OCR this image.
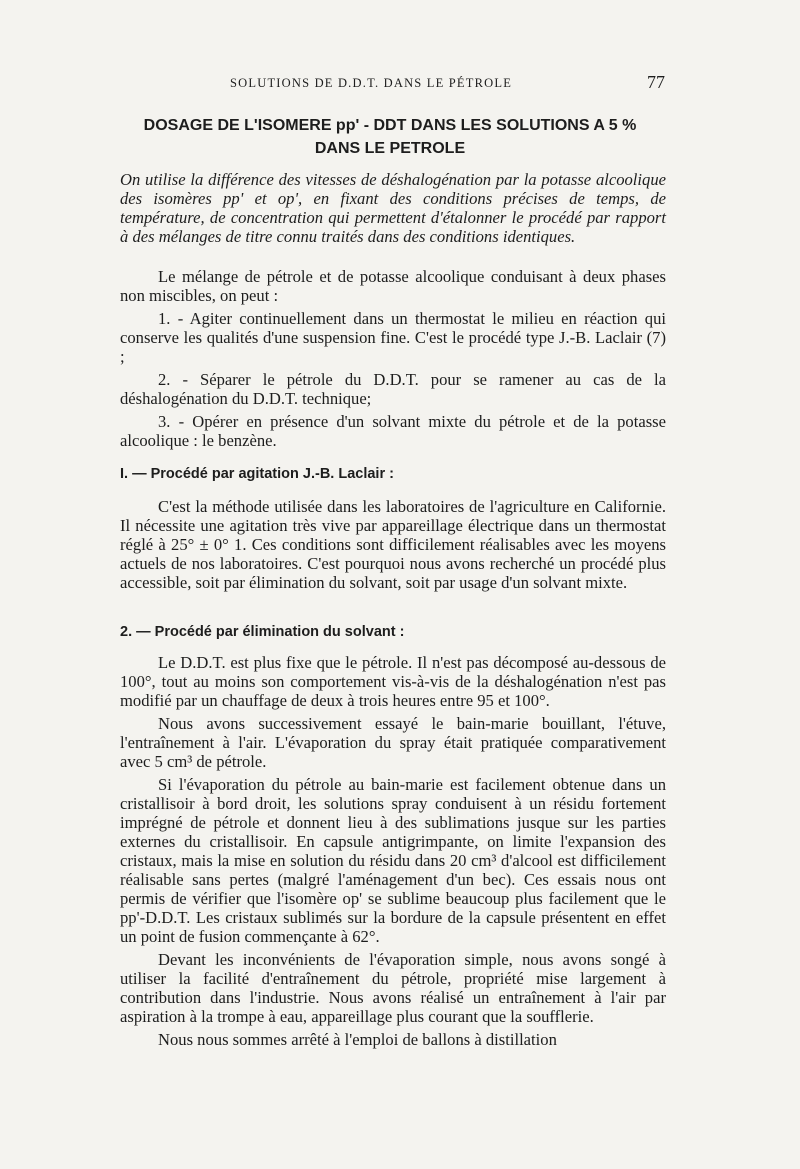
SOLUTIONS DE D.D.T. DANS LE PÉTROLE	77
DOSAGE DE L'ISOMERE pp' - DDT DANS LES SOLUTIONS A 5 %
DANS LE PETROLE
On utilise la différence des vitesses de déshalogénation par la potasse alcoolique des isomères pp' et op', en fixant des conditions précises de temps, de température, de concentration qui permettent d'étalonner le procédé par rapport à des mélanges de titre connu traités dans des conditions identiques.

Le mélange de pétrole et de potasse alcoolique conduisant à deux phases non miscibles, on peut :

1. - Agiter continuellement dans un thermostat le milieu en réaction qui conserve les qualités d'une suspension fine. C'est le procédé type J.-B. Laclair (7) ;

2. - Séparer le pétrole du D.D.T. pour se ramener au cas de la déshalogénation du D.D.T. technique;

3. - Opérer en présence d'un solvant mixte du pétrole et de la potasse alcoolique : le benzène.

I. — Procédé par agitation J.-B. Laclair :

C'est la méthode utilisée dans les laboratoires de l'agriculture en Californie. Il nécessite une agitation très vive par appareillage électrique dans un thermostat réglé à 25° ± 0° 1. Ces conditions sont difficilement réalisables avec les moyens actuels de nos laboratoires. C'est pourquoi nous avons recherché un procédé plus accessible, soit par élimination du solvant, soit par usage d'un solvant mixte.

2. — Procédé par élimination du solvant :

Le D.D.T. est plus fixe que le pétrole. Il n'est pas décomposé au-dessous de 100°, tout au moins son comportement vis-à-vis de la déshalogénation n'est pas modifié par un chauffage de deux à trois heures entre 95 et 100°.

Nous avons successivement essayé le bain-marie bouillant, l'étuve, l'entraînement à l'air. L'évaporation du spray était pratiquée comparativement avec 5 cm³ de pétrole.

Si l'évaporation du pétrole au bain-marie est facilement obtenue dans un cristallisoir à bord droit, les solutions spray conduisent à un résidu fortement imprégné de pétrole et donnent lieu à des sublimations jusque sur les parties externes du cristallisoir. En capsule antigrimpante, on limite l'expansion des cristaux, mais la mise en solution du résidu dans 20 cm³ d'alcool est difficilement réalisable sans pertes (malgré l'aménagement d'un bec). Ces essais nous ont permis de vérifier que l'isomère op' se sublime beaucoup plus facilement que le pp'-D.D.T. Les cristaux sublimés sur la bordure de la capsule présentent en effet un point de fusion commençante à 62°.

Devant les inconvénients de l'évaporation simple, nous avons songé à utiliser la facilité d'entraînement du pétrole, propriété mise largement à contribution dans l'industrie. Nous avons réalisé un entraînement à l'air par aspiration à la trompe à eau, appareillage plus courant que la soufflerie.

Nous nous sommes arrêté à l'emploi de ballons à distillation
